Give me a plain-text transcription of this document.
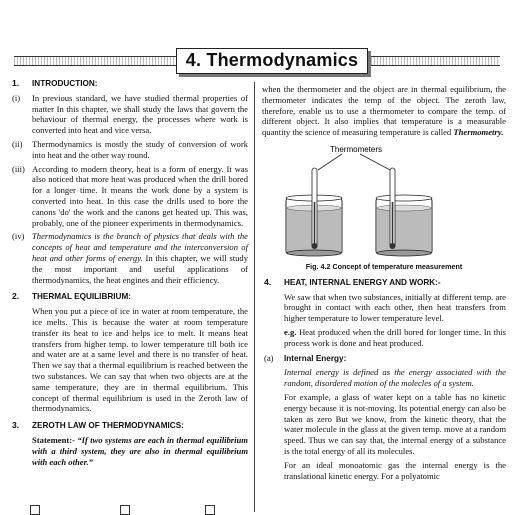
4. Thermodynamics
1. INTRODUCTION:
(i) In previous standard, we have studied thermal properties of matter In this chapter, we shall study the laws that govern the behaviour of thermal energy, the processes where work is converted into heat and vice versa.
(ii) Thermodynamics is mostly the study of conversion of work into heat and the other way round.
(iii) According to modern theory, heat is a form of energy. It was also noticed that more heat was produced when the drill bored for a longer time. It means the work done by a system is converted into heat. In this case the drills used to bore the canons 'do' the work and the canons get heated up. This was, probably, one of the pioneer experiments in thermodynamics.
(iv) Thermodynamics is the branch of physics that deals with the concepts of heat and temperature and the interconversion of heat and other forms of energy. In this chapter, we will study the most important and useful applications of thermodynamics, the heat engines and their efficiency.
2. THERMAL EQUILIBRIUM:
When you put a piece of ice in water at room temperature, the ice melts. This is because the water at room temperature transfer its heat to ice and helps ice to melt. It means heat transfers from higher temp. to lower temperature till both ice and water are at a same level and there is no transfer of heat. Then we say that a thermal equilibrium is reached between the two substances. We can say that when two objects are at the same temperature, they are in thermal equilibrium. This concept of thermal equilibrium is used in the Zeroth law of thermodynamics.
3. ZEROTH LAW OF THERMODYNAMICS:
Statement:- “If two systems are each in thermal equilibrium with a third system, they are also in thermal equilibrium with each other.”
when the thermometer and the object are in thermal equilibrium, the thermometer indicates the temp of the object. The zeroth law, therefore, enable us to use a thermometer to compare the temp. of different object. It also implies that temperature is a measurable quantity the science of measuring temperature is called Thermometry.
Thermometers
Fig. 4.2 Concept of temperature measurement
4. HEAT, INTERNAL ENERGY AND WORK:-
We saw that when two substances, initially at different temp. are brought in contact with each other, then heat transfers from higher temperature to lower temperature level.
e.g. Heat produced when the drill bored for longer time. In this process work is done and heat produced.
(a) Internal Energy:
Internal energy is defined as the energy associated with the random, disordered motion of the molecles of a system.
For example, a glass of water kept on a table has no kinetic energy because it is not-moving. Its potential energy can also be taken as zero But we know, from the kinetic theory, that the water molecule in the glass at the given temp. move at a random speed. Thus we can say that, the internal energy of a substance is the total energy of all its molecules.
For an ideal monoatomic gas the internal energy is the translational kinetic energy. For a polyatomic
